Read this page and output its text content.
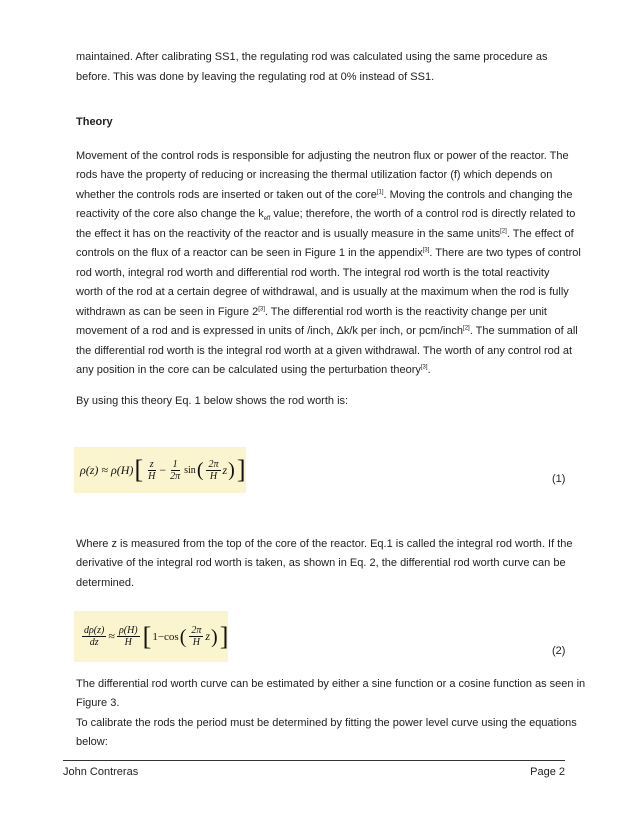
maintained. After calibrating SS1, the regulating rod was calculated using the same procedure as

before. This was done by leaving the regulating rod at 0% instead of SS1.

Theory

Movement of the control rods is responsible for adjusting the neutron flux or power of the reactor. The

rods have the property of reducing or increasing the thermal utilization factor (f) which depends on

whether the controls rods are inserted or taken out of the core[1]. Moving the controls and changing the

reactivity of the core also change the $k_{eff}$ value; therefore, the worth of a control rod is directly related to

the effect it has on the reactivity of the reactor and is usually measure in the same units[2]. The effect of

controls on the flux of a reactor can be seen in Figure 1 in the appendix[3]. There are two types of control

rod worth, integral rod worth and differential rod worth. The integral rod worth is the total reactivity

worth of the rod at a certain degree of withdrawal, and is usually at the maximum when the rod is fully

withdrawn as can be seen in Figure 2[3]. The differential rod worth is the reactivity change per unit

movement of a rod and is expressed in units of /inch, Δk/k per inch, or pcm/inch[2]. The summation of all

the differential rod worth is the integral rod worth at a given withdrawal. The worth of any control rod at

any position in the core can be calculated using the perturbation theory[3].

By using this theory Eq. 1 below shows the rod worth is:

ρ(z) ≈ ρ(H) [ $\frac{z}{H} - \frac{1}{2\pi}$ sin ( $\frac{2\pi}{H}$ z ) ]	(1)

Where z is measured from the top of the core of the reactor. Eq.1 is called the integral rod worth. If the

derivative of the integral rod worth is taken, as shown in Eq. 2, the differential rod worth curve can be

determined.

$\frac{d\rho(z)}{dz} \approx \frac{\rho(H)}{H}$ [ 1−cos ( $\frac{2\pi}{H}$ z ) ]
(2)

The differential rod worth curve can be estimated by either a sine function or a cosine function as seen in

Figure 3.

To calibrate the rods the period must be determined by fitting the power level curve using the equations

below:

John Contreras	Page 2
